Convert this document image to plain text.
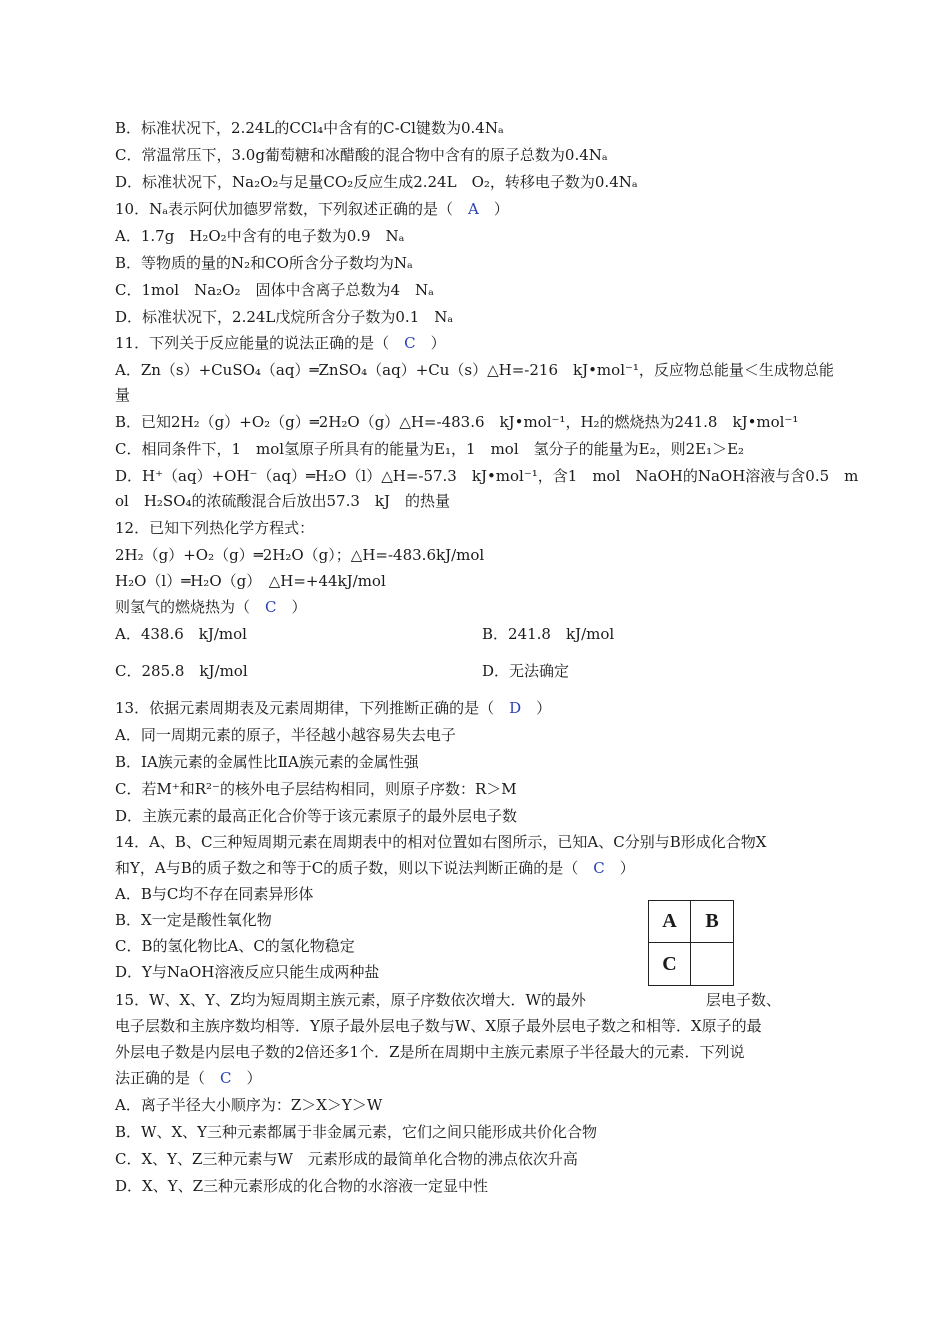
B．标准状况下，2.24L的CCl₄中含有的C-Cl键数为0.4Nₐ
C．常温常压下，3.0g葡萄糖和冰醋酸的混合物中含有的原子总数为0.4Nₐ
D．标准状况下，Na₂O₂与足量CO₂反应生成2.24L　O₂，转移电子数为0.4Nₐ
10．Nₐ表示阿伏加德罗常数，下列叙述正确的是（　A　）
A．1.7g　H₂O₂中含有的电子数为0.9　Nₐ
B．等物质的量的N₂和CO所含分子数均为Nₐ
C．1mol　Na₂O₂　固体中含离子总数为4　Nₐ
D．标准状况下，2.24L戊烷所含分子数为0.1　Nₐ
11．下列关于反应能量的说法正确的是（　C　）
A．Zn（s）+CuSO₄（aq）═ZnSO₄（aq）+Cu（s）△H=-216　kJ•mol⁻¹，反应物总能量＜生成物总能
量
B．已知2H₂（g）+O₂（g）═2H₂O（g）△H=-483.6　kJ•mol⁻¹，H₂的燃烧热为241.8　kJ•mol⁻¹
C．相同条件下，1　mol氢原子所具有的能量为E₁，1　mol　氢分子的能量为E₂，则2E₁＞E₂
D．H⁺（aq）+OH⁻（aq）═H₂O（l）△H=-57.3　kJ•mol⁻¹，含1　mol　NaOH的NaOH溶液与含0.5　m
ol　H₂SO₄的浓硫酸混合后放出57.3　kJ　的热量
12．已知下列热化学方程式：
2H₂（g）+O₂（g）═2H₂O（g）；△H=-483.6kJ/mol
H₂O（l）═H₂O（g）　△H=+44kJ/mol
则氢气的燃烧热为（　C　）
A．438.6　kJ/mol
C．285.8　kJ/mol
13．依据元素周期表及元素周期律，下列推断正确的是（　D　）
A．同一周期元素的原子，半径越小越容易失去电子
B．ⅠA族元素的金属性比ⅡA族元素的金属性强
C．若M⁺和R²⁻的核外电子层结构相同，则原子序数：R＞M
D．主族元素的最高正化合价等于该元素原子的最外层电子数
14．A、B、C三种短周期元素在周期表中的相对位置如右图所示，已知A、C分别与B形成化合物X
和Y，A与B的质子数之和等于C的质子数，则以下说法判断正确的是（　C　）
A．B与C均不存在同素异形体
B．X一定是酸性氧化物
C．B的氢化物比A、C的氢化物稳定
D．Y与NaOH溶液反应只能生成两种盐
15．W、X、Y、Z均为短周期主族元素，原子序数依次增大．W的最外　　　　　　　　层电子数、
电子层数和主族序数均相等．Y原子最外层电子数与W、X原子最外层电子数之和相等．X原子的最
外层电子数是内层电子数的2倍还多1个．Z是所在周期中主族元素原子半径最大的元素．下列说
法正确的是（　C　）
A．离子半径大小顺序为：Z＞X＞Y＞W
B．W、X、Y三种元素都属于非金属元素，它们之间只能形成共价化合物
C．X、Y、Z三种元素与W　元素形成的最简单化合物的沸点依次升高
D．X、Y、Z三种元素形成的化合物的水溶液一定显中性
B．241.8　kJ/mol
D．无法确定
A	B
C
